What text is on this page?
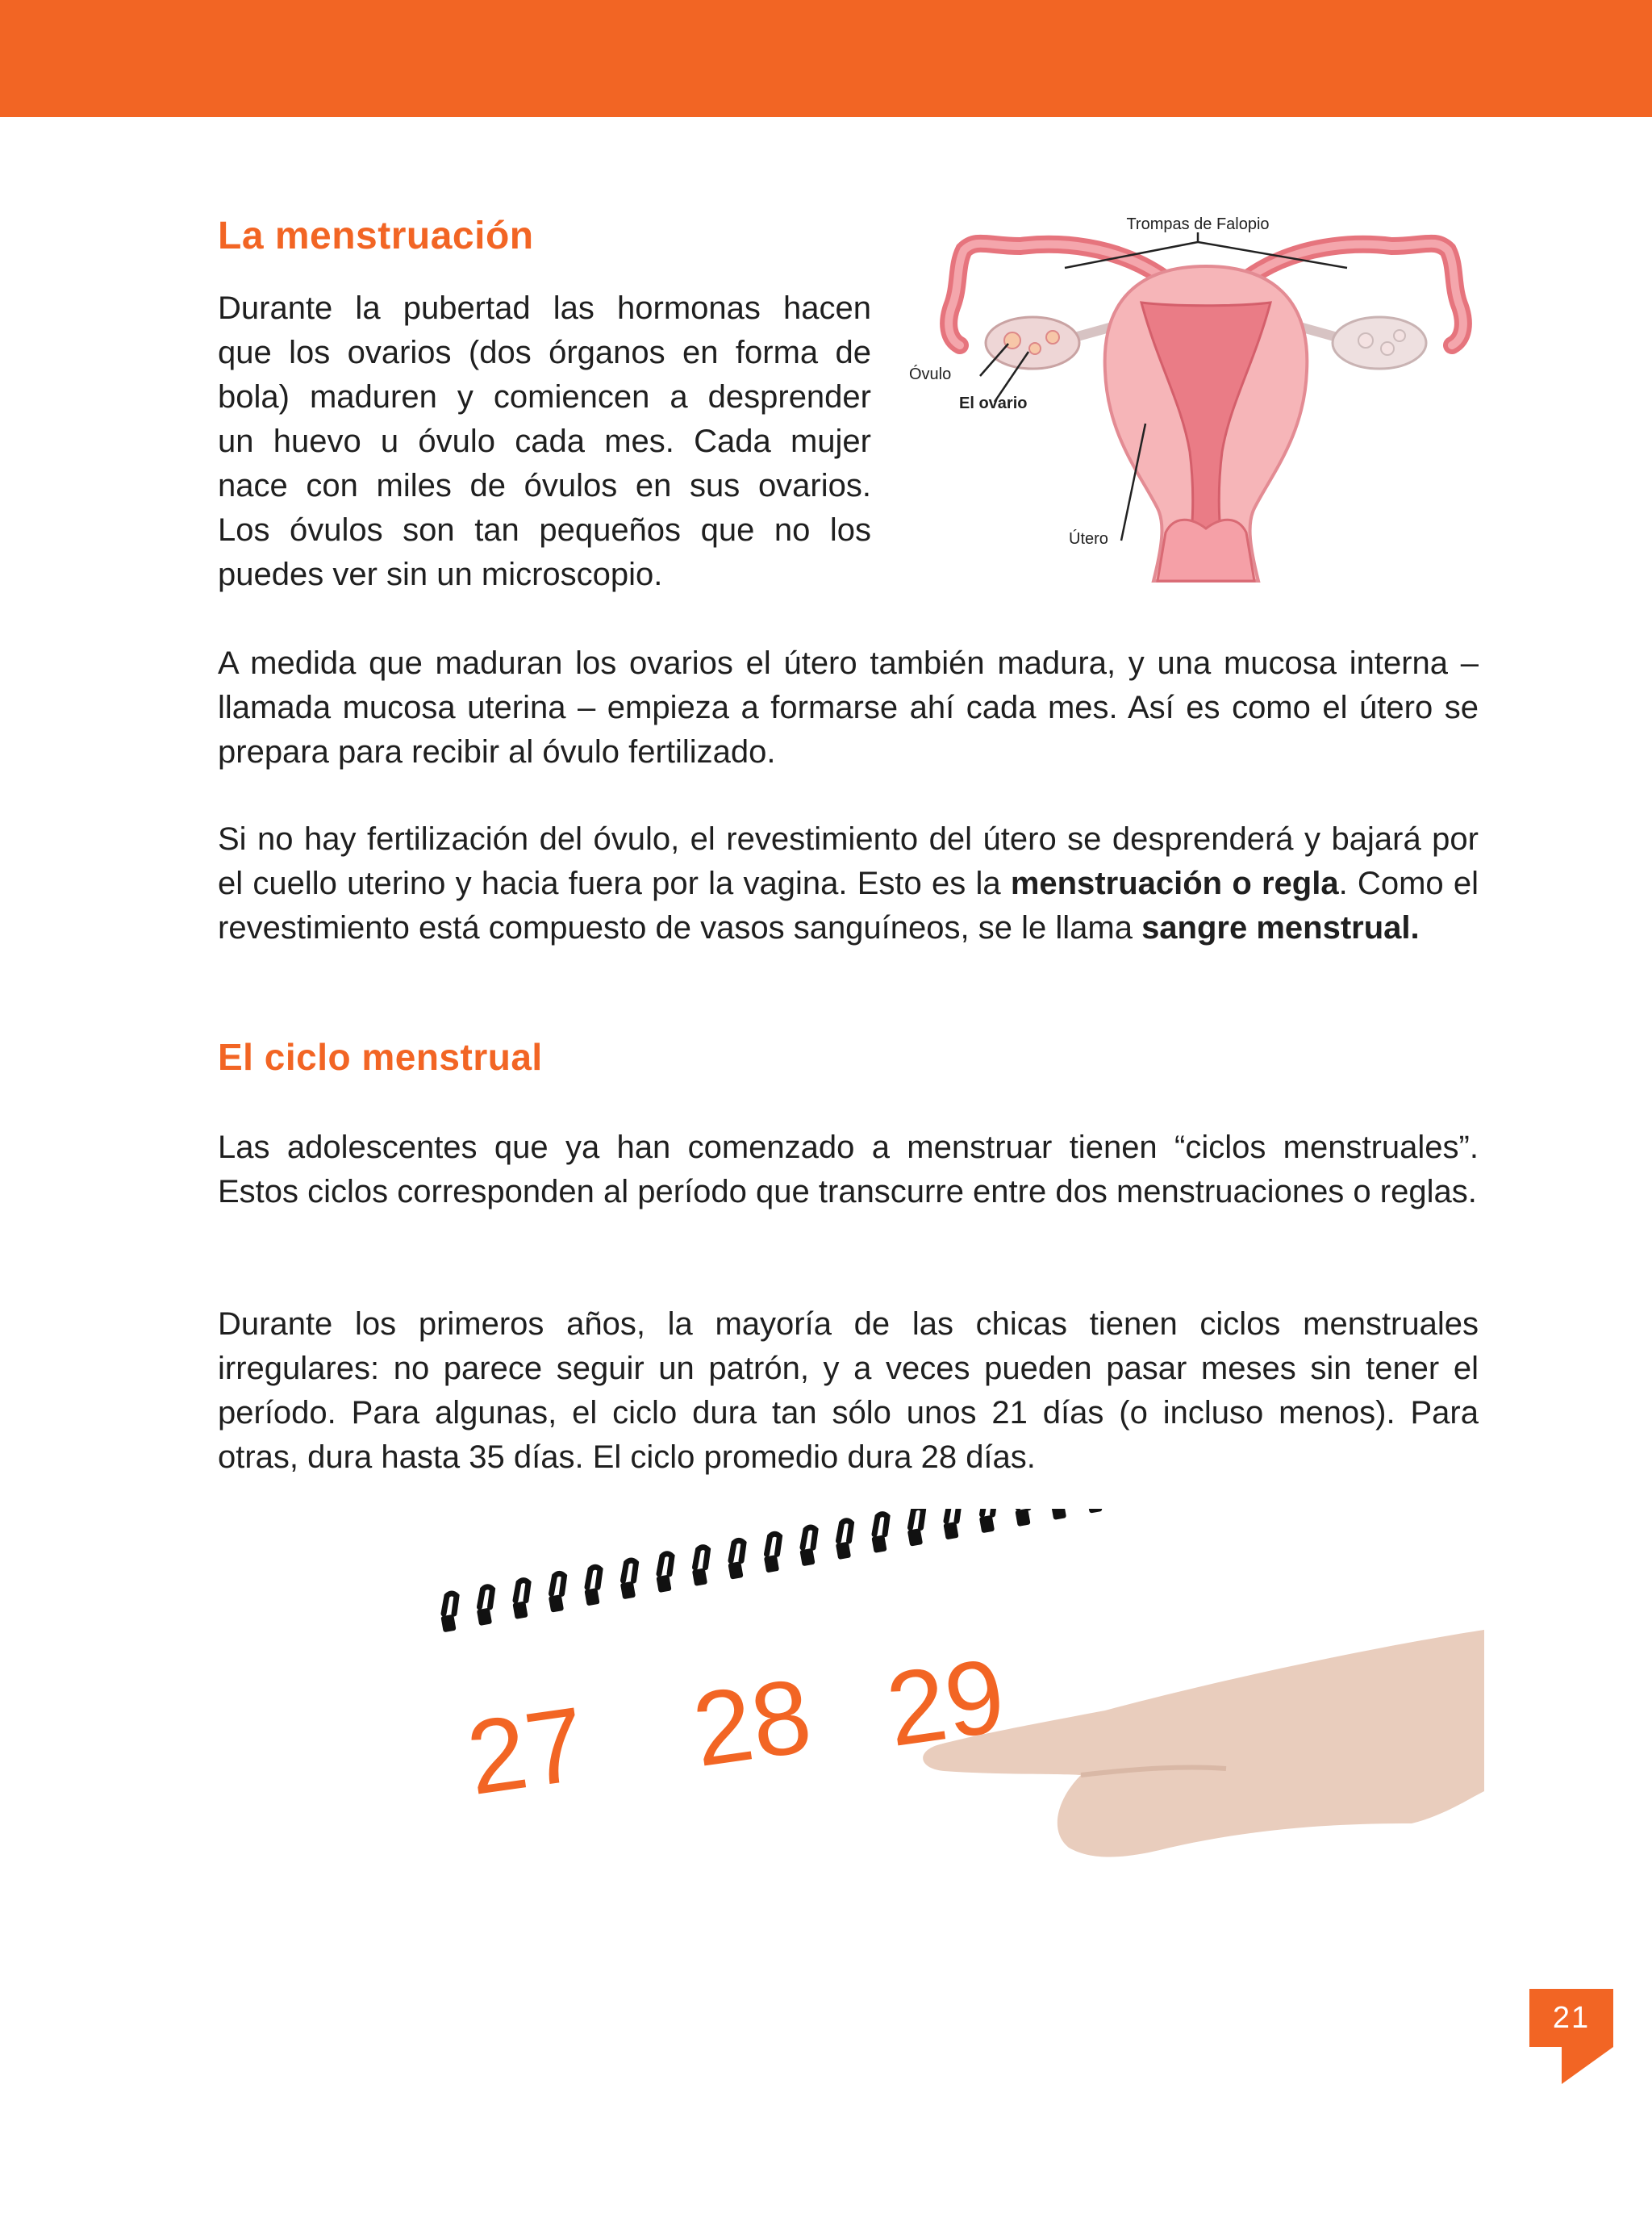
La menstruación
Durante la pubertad las hormonas hacen
que los ovarios (dos órganos en forma de
bola) maduren y comiencen a desprender
un huevo u óvulo cada mes. Cada mujer
nace con miles de óvulos en sus ovarios.
Los óvulos son tan pequeños que no los
puedes ver sin un microscopio.
Trompas de Falopio
Óvulo
El ovario
Útero

A medida que maduran los ovarios el útero también madura, y una mucosa interna – llamada mucosa uterina – empieza a formarse ahí cada mes. Así es como el útero se prepara para recibir al óvulo fertilizado.

Si no hay fertilización del óvulo, el revestimiento del útero se desprenderá y bajará por el cuello uterino y hacia fuera por la vagina. Esto es la menstruación o regla. Como el revestimiento está compuesto de vasos sanguíneos, se le llama sangre menstrual.

El ciclo menstrual

Las adolescentes que ya han comenzado a menstruar tienen “ciclos menstruales”. Estos ciclos corresponden al período que transcurre entre dos menstruaciones o reglas.

Durante los primeros años, la mayoría de las chicas tienen ciclos menstruales irregulares: no parece seguir un patrón, y a veces pueden pasar meses sin tener el período. Para algunas, el ciclo dura tan sólo unos 21 días (o incluso menos). Para otras, dura hasta 35 días. El ciclo promedio dura 28 días.

27 28 29
21
